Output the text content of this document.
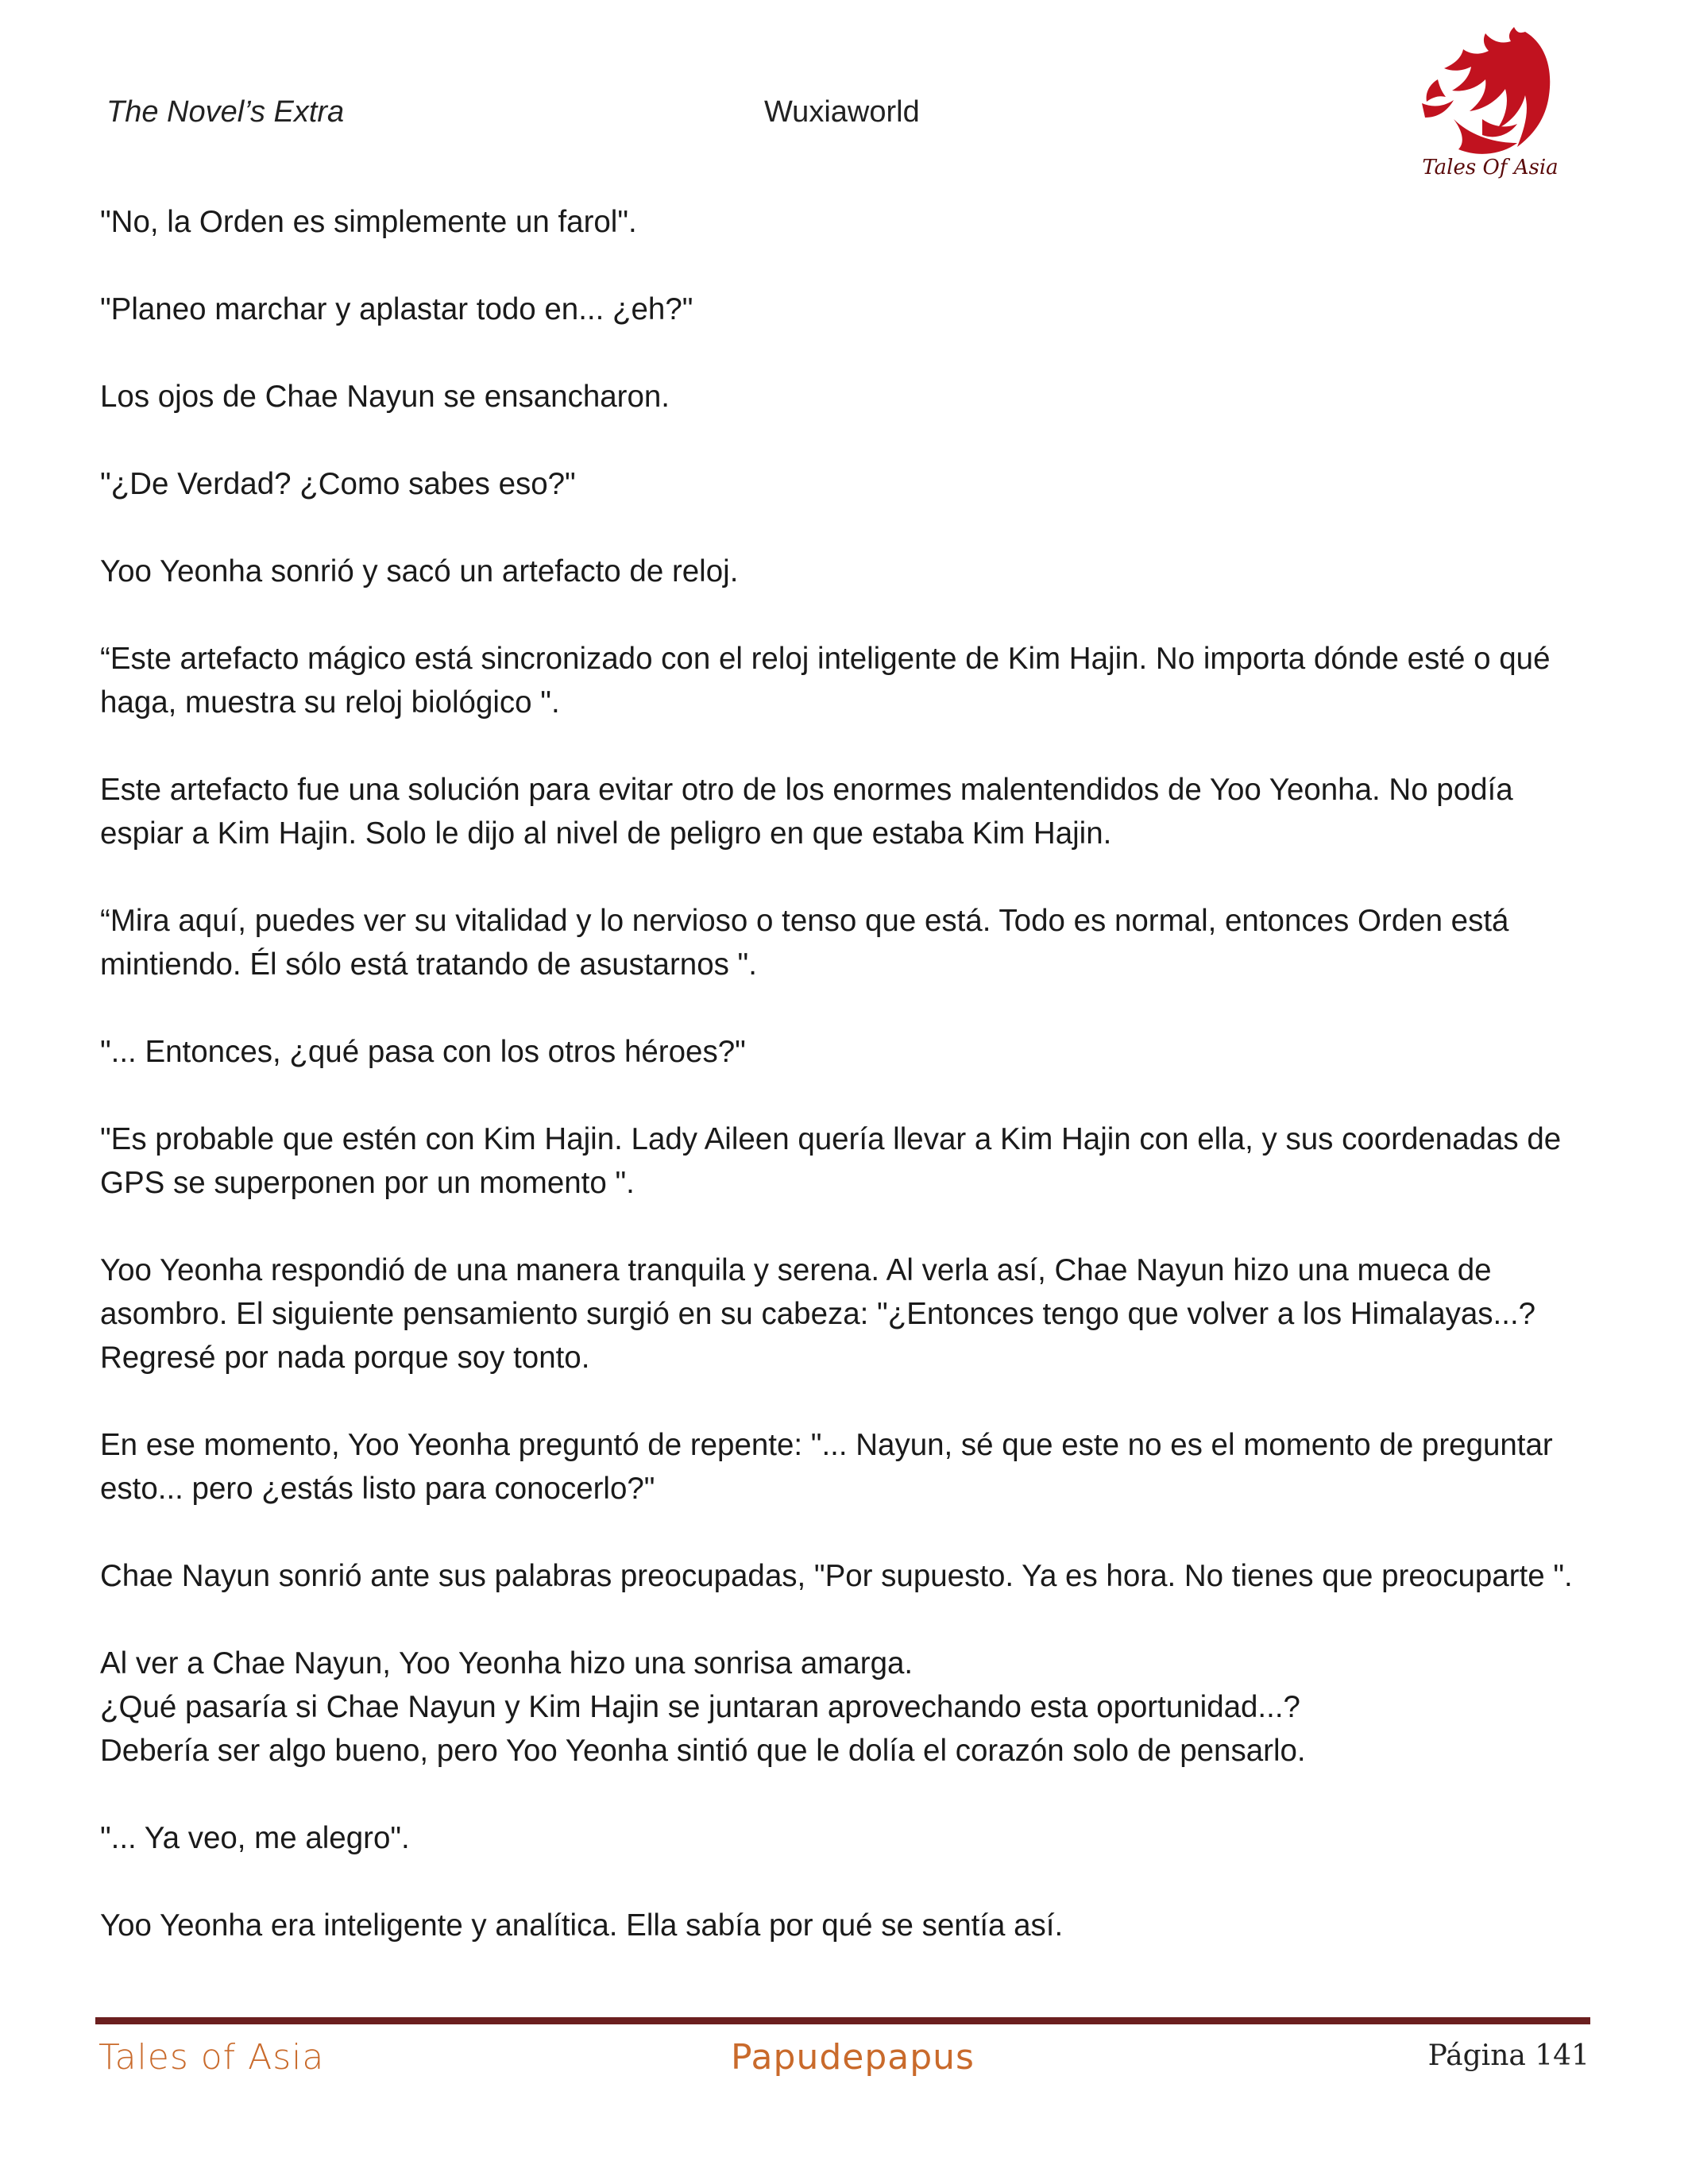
The Novel’s Extra	Wuxiaworld
Tales Of Asia

"No, la Orden es simplemente un farol".

"Planeo marchar y aplastar todo en... ¿eh?"

Los ojos de Chae Nayun se ensancharon.

"¿De Verdad? ¿Como sabes eso?"

Yoo Yeonha sonrió y sacó un artefacto de reloj.

“Este artefacto mágico está sincronizado con el reloj inteligente de Kim Hajin. No importa dónde esté o qué haga, muestra su reloj biológico ".

Este artefacto fue una solución para evitar otro de los enormes malentendidos de Yoo Yeonha. No podía espiar a Kim Hajin. Solo le dijo al nivel de peligro en que estaba Kim Hajin.

“Mira aquí, puedes ver su vitalidad y lo nervioso o tenso que está. Todo es normal, entonces Orden está mintiendo. Él sólo está tratando de asustarnos ".

"... Entonces, ¿qué pasa con los otros héroes?"

"Es probable que estén con Kim Hajin. Lady Aileen quería llevar a Kim Hajin con ella, y sus coordenadas de GPS se superponen por un momento ".

Yoo Yeonha respondió de una manera tranquila y serena. Al verla así, Chae Nayun hizo una mueca de asombro. El siguiente pensamiento surgió en su cabeza: "¿Entonces tengo que volver a los Himalayas...? Regresé por nada porque soy tonto.

En ese momento, Yoo Yeonha preguntó de repente: "... Nayun, sé que este no es el momento de preguntar esto... pero ¿estás listo para conocerlo?"

Chae Nayun sonrió ante sus palabras preocupadas, "Por supuesto. Ya es hora. No tienes que preocuparte ".

Al ver a Chae Nayun, Yoo Yeonha hizo una sonrisa amarga.
¿Qué pasaría si Chae Nayun y Kim Hajin se juntaran aprovechando esta oportunidad...?
Debería ser algo bueno, pero Yoo Yeonha sintió que le dolía el corazón solo de pensarlo.

"... Ya veo, me alegro".

Yoo Yeonha era inteligente y analítica. Ella sabía por qué se sentía así.

Tales of Asia	Papudepapus	Página 141
